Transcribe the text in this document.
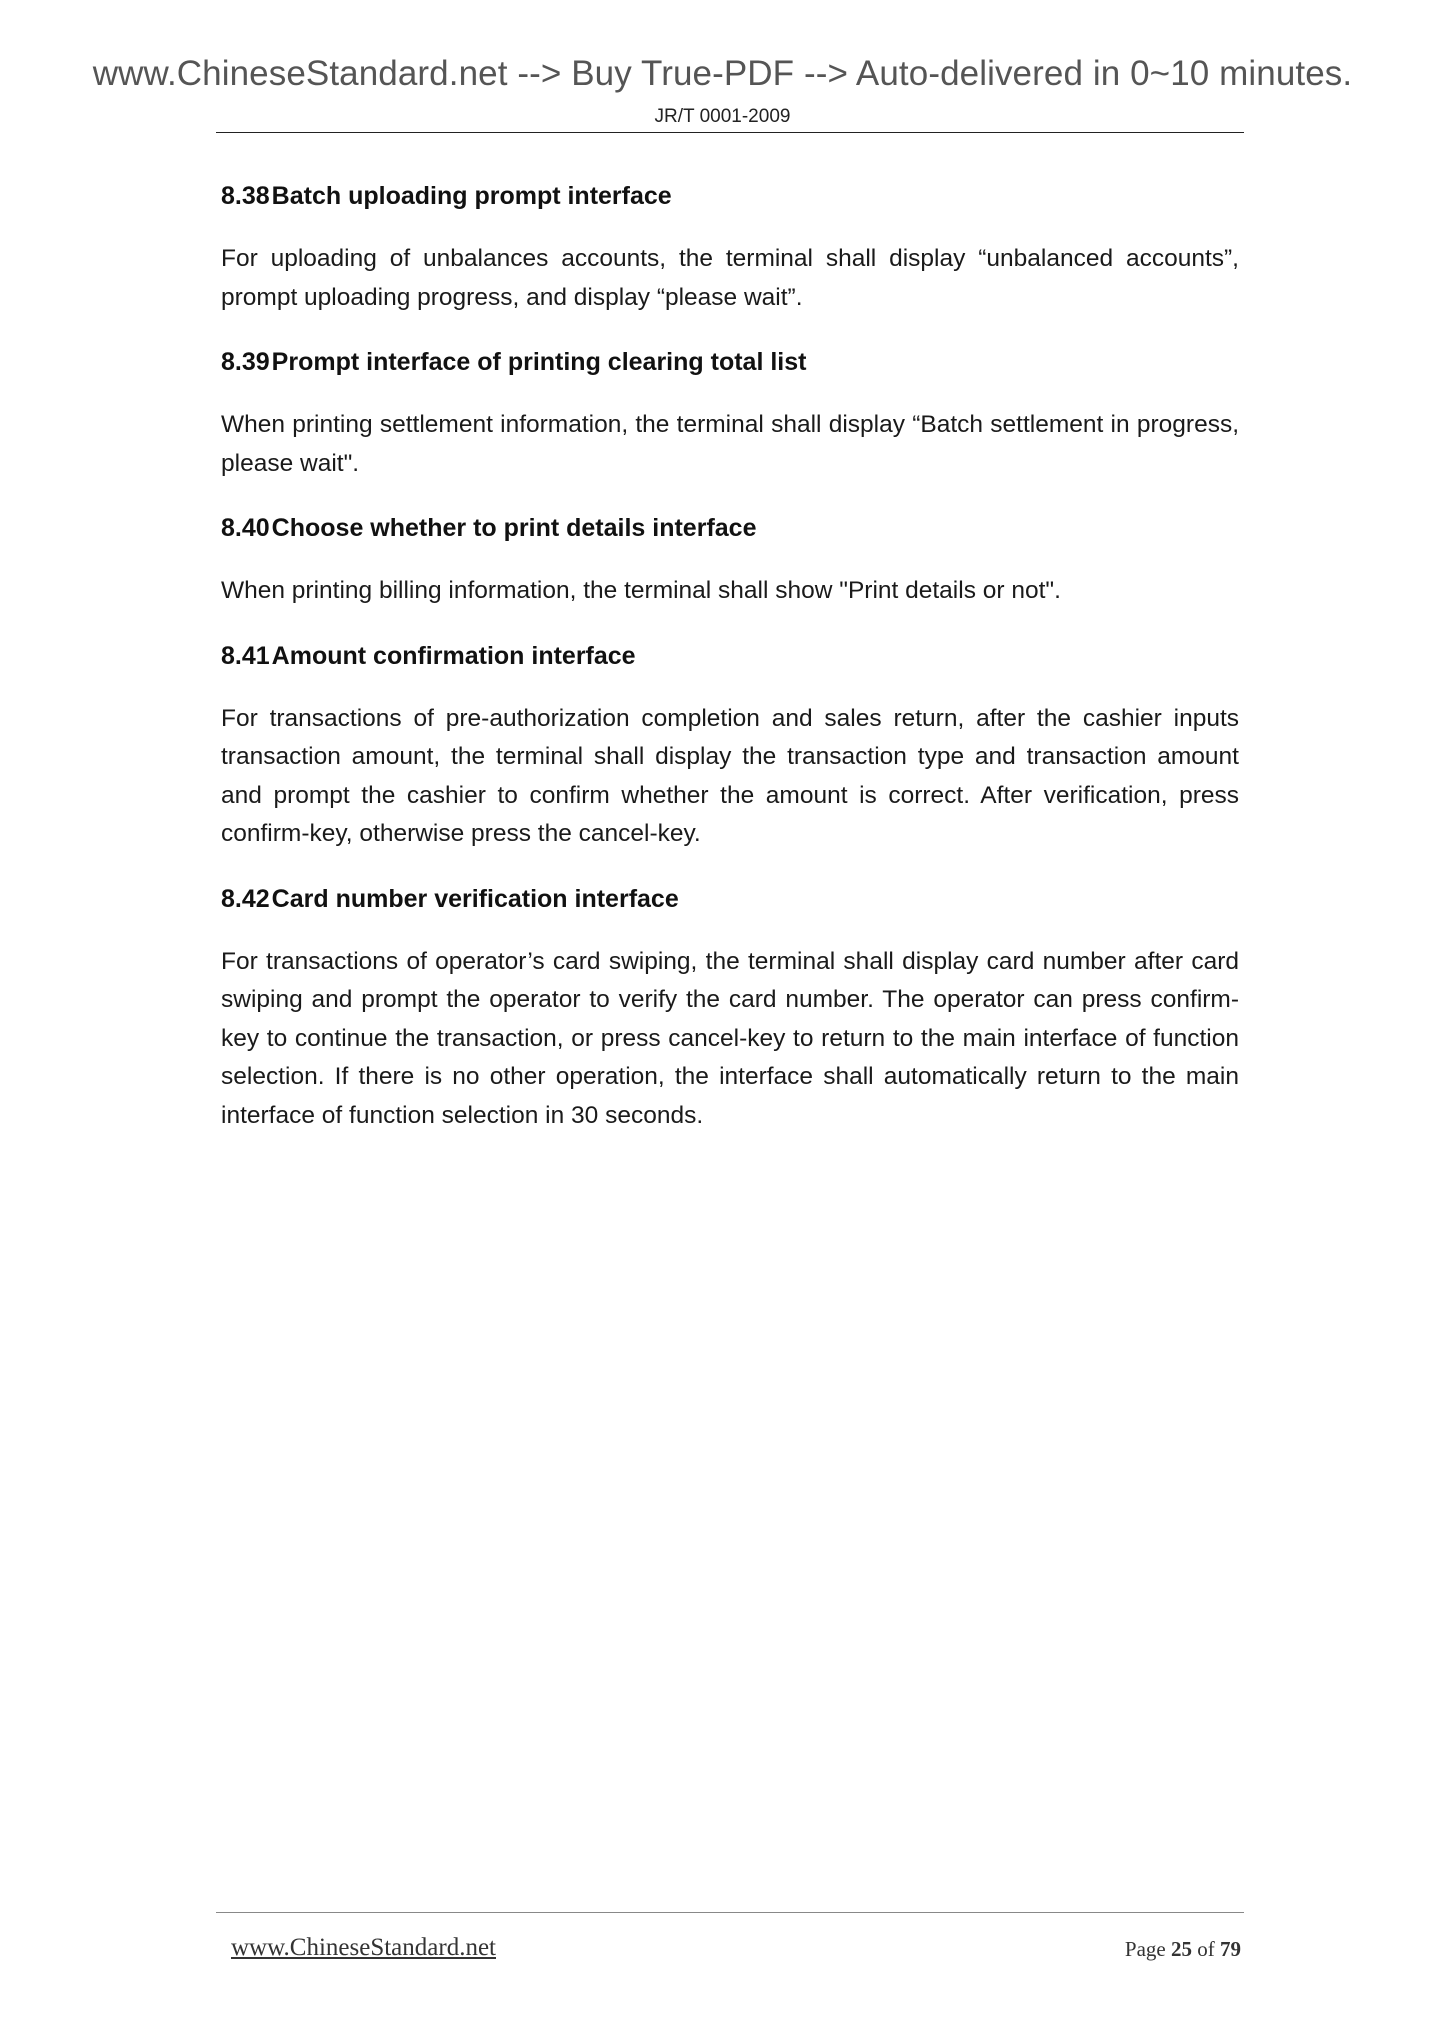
www.ChineseStandard.net --> Buy True-PDF --> Auto-delivered in 0~10 minutes.
JR/T 0001-2009
8.38Batch uploading prompt interface

For uploading of unbalances accounts, the terminal shall display “unbalanced accounts”, prompt uploading progress, and display “please wait”.

8.39Prompt interface of printing clearing total list

When printing settlement information, the terminal shall display “Batch settlement in progress, please wait".

8.40Choose whether to print details interface

When printing billing information, the terminal shall show "Print details or not".

8.41Amount confirmation interface

For transactions of pre-authorization completion and sales return, after the cashier inputs transaction amount, the terminal shall display the transaction type and transaction amount and prompt the cashier to confirm whether the amount is correct. After verification, press confirm-key, otherwise press the cancel-key.

8.42Card number verification interface

For transactions of operator’s card swiping, the terminal shall display card number after card swiping and prompt the operator to verify the card number. The operator can press confirm-key to continue the transaction, or press cancel-key to return to the main interface of function selection. If there is no other operation, the interface shall automatically return to the main interface of function selection in 30 seconds.

www.ChineseStandard.net	Page 25 of 79
